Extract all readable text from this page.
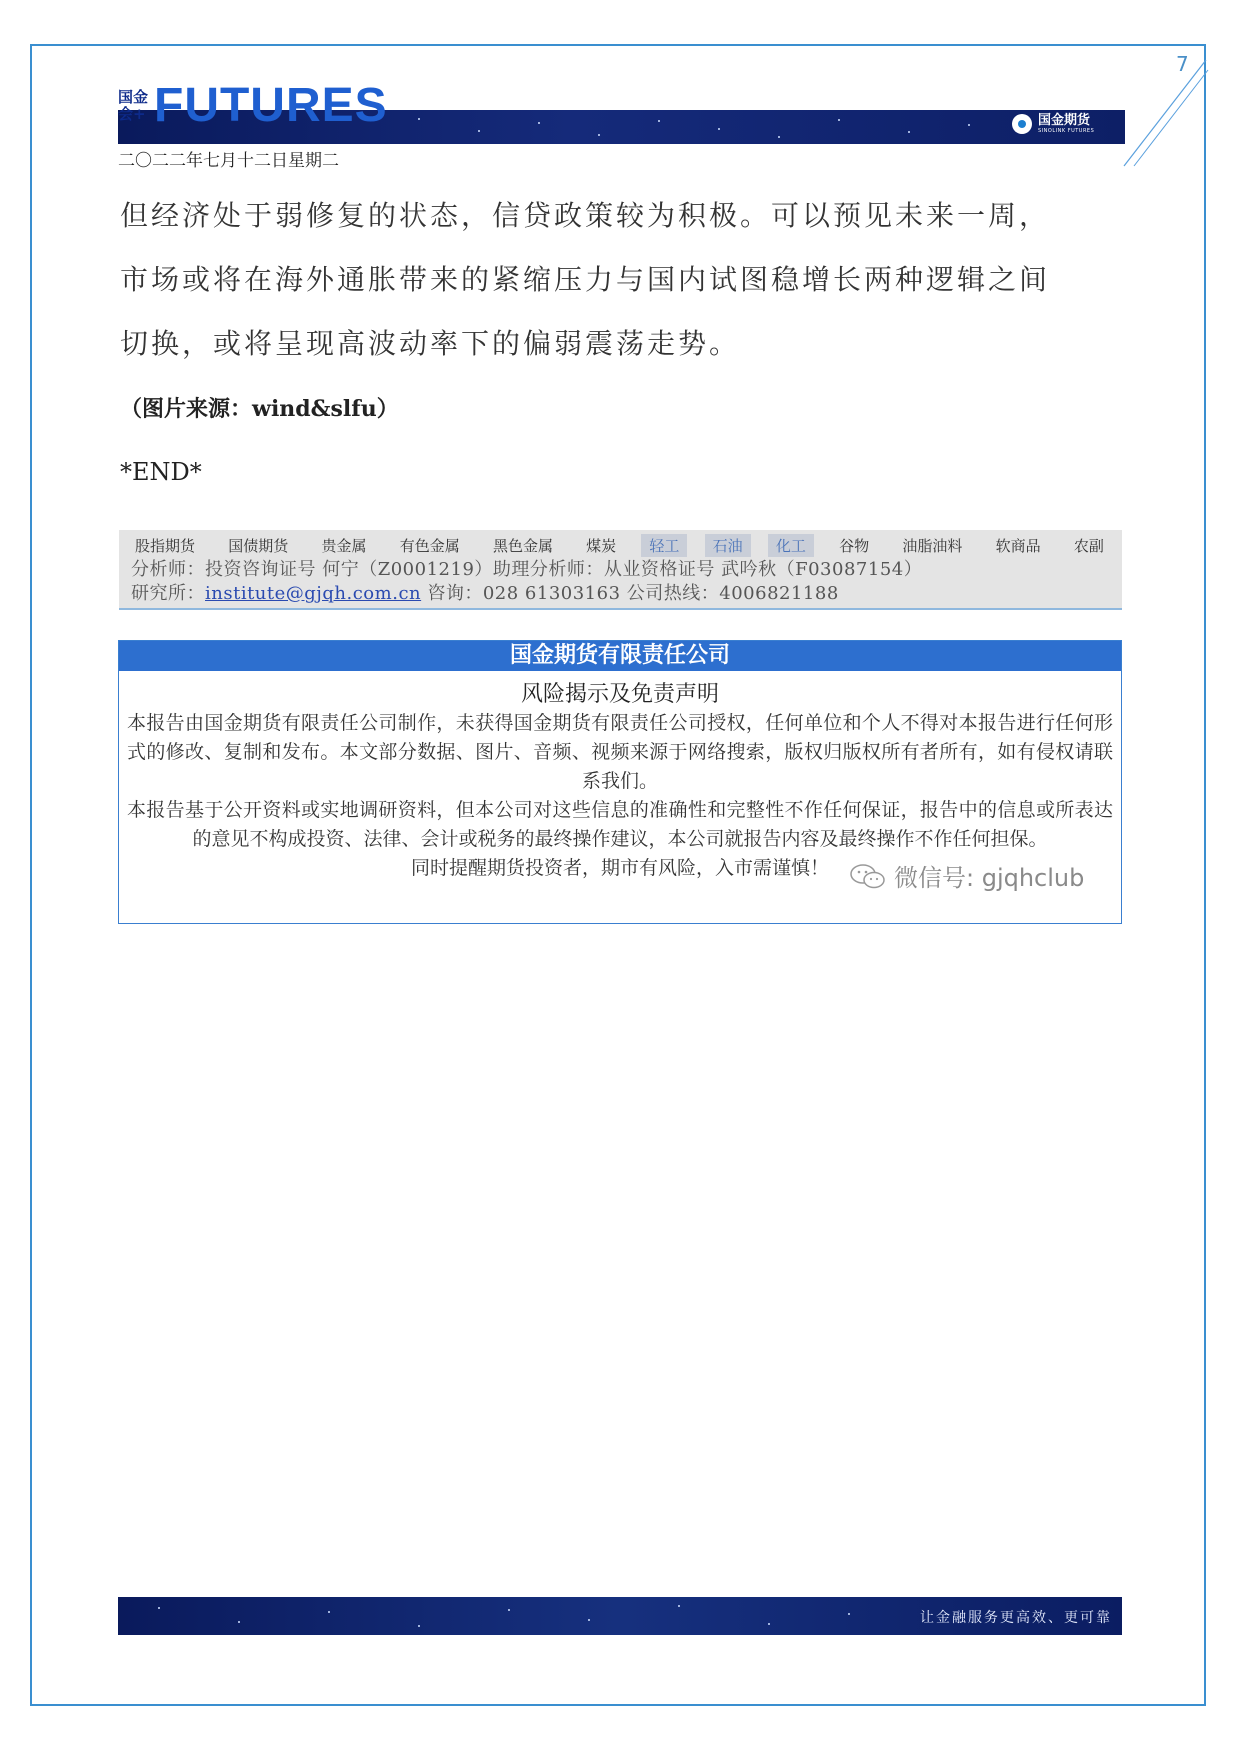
7
国金会+ FUTURES	国金期货
SINOLINK FUTURES
二〇二二年七月十二日星期二
但经济处于弱修复的状态，信贷政策较为积极。可以预见未来一周，
市场或将在海外通胀带来的紧缩压力与国内试图稳增长两种逻辑之间
切换，或将呈现高波动率下的偏弱震荡走势。
（图片来源：wind&slfu）
*END*
股指期货	国债期货	贵金属	有色金属	黑色金属	煤炭	轻工	石油	化工	谷物	油脂油料	软商品	农副
分析师：投资咨询证号 何宁（Z0001219）助理分析师：从业资格证号 武吟秋（F03087154）
研究所：institute@gjqh.com.cn 咨询：028 61303163 公司热线：4006821188
国金期货有限责任公司
风险揭示及免责声明
本报告由国金期货有限责任公司制作，未获得国金期货有限责任公司授权，任何单位和个人不得对本报告进行任何形式的修改、复制和发布。本文部分数据、图片、音频、视频来源于网络搜索，版权归版权所有者所有，如有侵权请联系我们。
本报告基于公开资料或实地调研资料，但本公司对这些信息的准确性和完整性不作任何保证，报告中的信息或所表达的意见不构成投资、法律、会计或税务的最终操作建议，本公司就报告内容及最终操作不作任何担保。
同时提醒期货投资者，期市有风险，入市需谨慎！	微信号: gjqhclub
让金融服务更高效、更可靠
